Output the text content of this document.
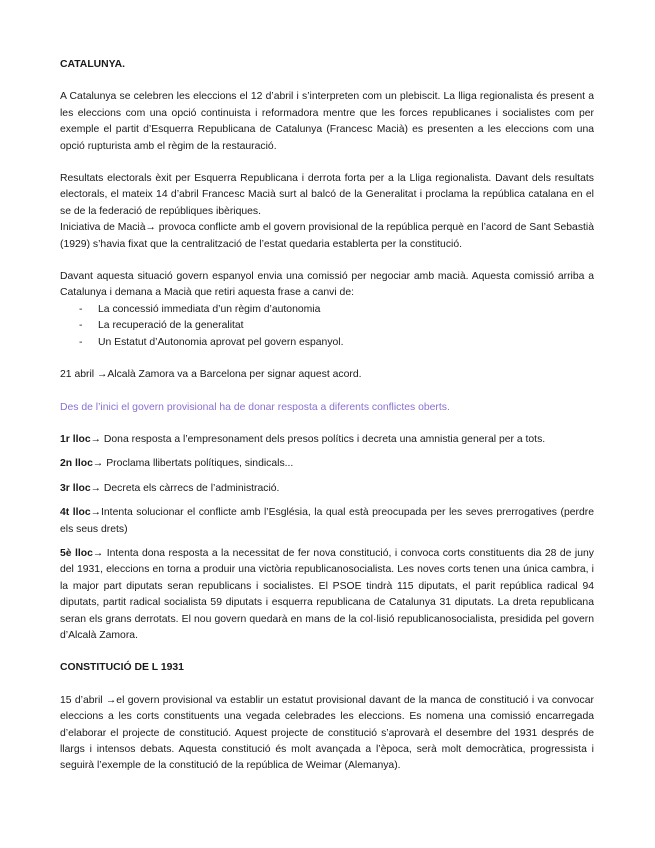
CATALUNYA.

A Catalunya se celebren les eleccions el 12 d’abril i s’interpreten com un plebiscit. La lliga regionalista és present a les eleccions com una opció continuista i reformadora mentre que les forces republicanes i socialistes com per exemple el partit d’Esquerra Republicana de Catalunya (Francesc Macià) es presenten a les eleccions com una opció rupturista amb el règim de la restauració.

Resultats electorals èxit per Esquerra Republicana i derrota forta per a la Lliga regionalista. Davant dels resultats electorals, el mateix 14 d’abril Francesc Macià surt al balcó de la Generalitat i proclama la república catalana en el se de la federació de repúbliques ibèriques.

Iniciativa de Macià→ provoca conflicte amb el govern provisional de la república perquè en l’acord de Sant Sebastià (1929) s’havia fixat que la centralització de l’estat quedaria establerta per la constitució.

Davant aquesta situació govern espanyol envia una comissió per negociar amb macià. Aquesta comissió arriba a Catalunya i demana a Macià que retiri aquesta frase a canvi de:

- La concessió immediata d’un règim d’autonomia
- La recuperació de la generalitat
- Un Estatut d’Autonomia aprovat pel govern espanyol.

21 abril →Alcalà Zamora va a Barcelona per signar aquest acord.

Des de l’inici el govern provisional ha de donar resposta a diferents conflictes oberts.

1r lloc→ Dona resposta a l’empresonament dels presos polítics i decreta una amnistia general per a tots.

2n lloc→ Proclama llibertats polítiques, sindicals...

3r lloc→ Decreta els càrrecs de l’administració.

4t lloc→Intenta solucionar el conflicte amb l’Església, la qual està preocupada per les seves prerrogatives (perdre els seus drets)

5è lloc→ Intenta dona resposta a la necessitat de fer nova constitució, i convoca corts constituents dia 28 de juny del 1931, eleccions en torna a produir una victòria republicanosocialista. Les noves corts tenen una única cambra, i la major part diputats seran republicans i socialistes. El PSOE tindrà 115 diputats, el parit república radical 94 diputats, partit radical socialista 59 diputats i esquerra republicana de Catalunya 31 diputats. La dreta republicana seran els grans derrotats. El nou govern quedarà en mans de la col·lisió republicanosocialista, presidida pel govern d’Alcalà Zamora.

CONSTITUCIÓ DE L 1931

15 d’abril →el govern provisional va establir un estatut provisional davant de la manca de constitució i va convocar eleccions a les corts constituents una vegada celebrades les eleccions. Es nomena una comissió encarregada d’elaborar el projecte de constitució. Aquest projecte de constitució s’aprovarà el desembre del 1931 després de llargs i intensos debats. Aquesta constitució és molt avançada a l’època, serà molt democràtica, progressista i seguirà l’exemple de la constitució de la república de Weimar (Alemanya).
